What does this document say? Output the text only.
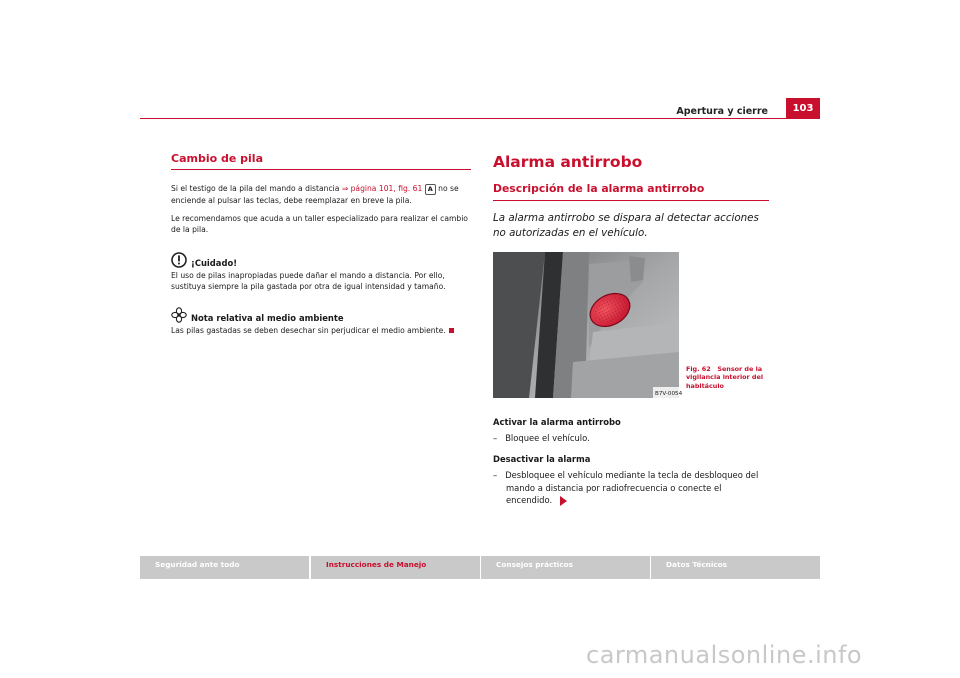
Apertura y cierre	103
Cambio de pila

Si el testigo de la pila del mando a distancia ⇒ página 101, fig. 61 A no se enciende al pulsar las teclas, debe reemplazar en breve la pila.

Le recomendamos que acuda a un taller especializado para realizar el cambio de la pila.

¡Cuidado!

El uso de pilas inapropiadas puede dañar el mando a distancia. Por ello, sustituya siempre la pila gastada por otra de igual intensidad y tamaño.

Nota relativa al medio ambiente

Las pilas gastadas se deben desechar sin perjudicar el medio ambiente.

Alarma antirrobo
Descripción de la alarma antirrobo
La alarma antirrobo se dispara al detectar acciones no autorizadas en el vehículo.
B7V-0054
Activar la alarma antirrobo
– Bloquee el vehículo.
Desactivar la alarma
– Desbloquee el vehículo mediante la tecla de desbloqueo del mando a distancia por radiofrecuencia o conecte el encendido.
Fig. 62 Sensor de la vigilancia interior del habitáculo
Seguridad ante todo	Instrucciones de Manejo	Consejos prácticos	Datos Técnicos
carmanualsonline.info
